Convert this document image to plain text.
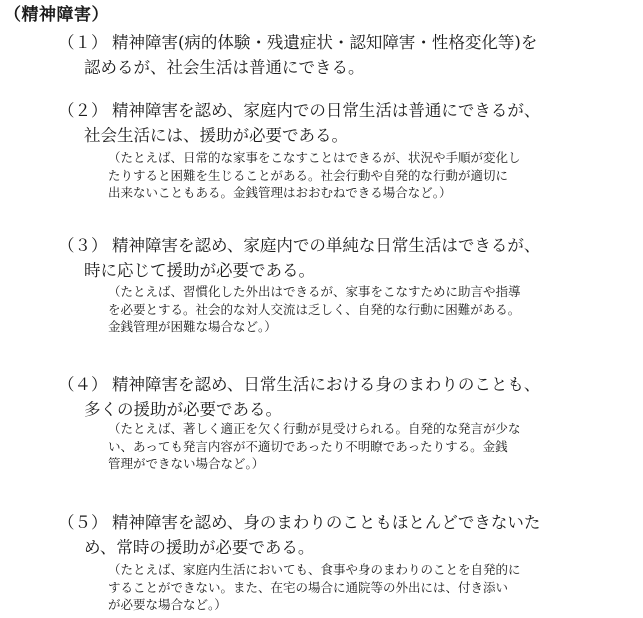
（精神障害）
（１） 精神障害(病的体験・残遺症状・認知障害・性格変化等)を
認めるが、社会生活は普通にできる。
（２） 精神障害を認め、家庭内での日常生活は普通にできるが、
社会生活には、援助が必要である。
（たとえば、日常的な家事をこなすことはできるが、状況や手順が変化し
たりすると困難を生じることがある。社会行動や自発的な行動が適切に
出来ないこともある。金銭管理はおおむねできる場合など。）
（３） 精神障害を認め、家庭内での単純な日常生活はできるが、
時に応じて援助が必要である。
（たとえば、習慣化した外出はできるが、家事をこなすために助言や指導
を必要とする。社会的な対人交流は乏しく、自発的な行動に困難がある。
金銭管理が困難な場合など。）
（４） 精神障害を認め、日常生活における身のまわりのことも、
多くの援助が必要である。
（たとえば、著しく適正を欠く行動が見受けられる。自発的な発言が少な
い、あっても発言内容が不適切であったり不明瞭であったりする。金銭
管理ができない場合など。）
（５） 精神障害を認め、身のまわりのこともほとんどできないた
め、常時の援助が必要である。
（たとえば、家庭内生活においても、食事や身のまわりのことを自発的に
することができない。また、在宅の場合に通院等の外出には、付き添い
が必要な場合など。）
